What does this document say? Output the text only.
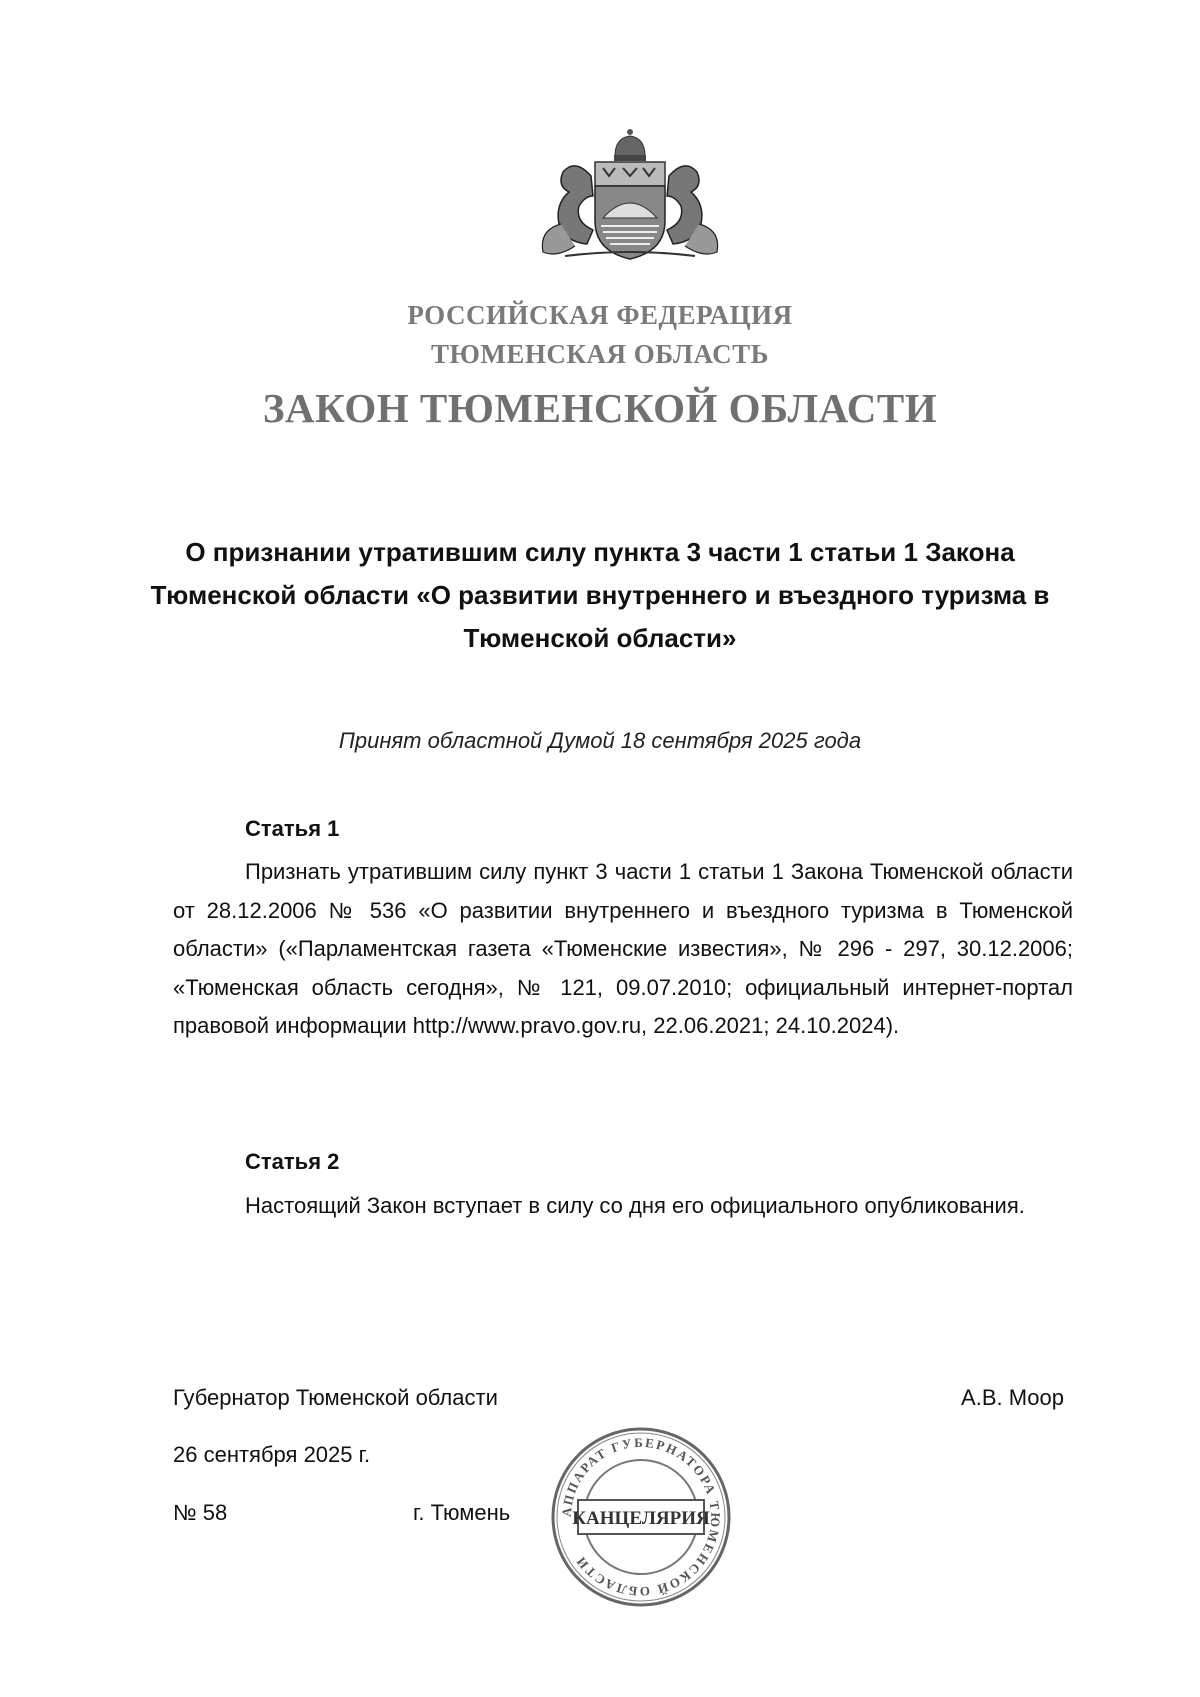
РОССИЙСКАЯ ФЕДЕРАЦИЯ
ТЮМЕНСКАЯ ОБЛАСТЬ
ЗАКОН ТЮМЕНСКОЙ ОБЛАСТИ
О признании утратившим силу пункта 3 части 1 статьи 1 Закона Тюменской области «О развитии внутреннего и въездного туризма в Тюменской области»
Принят областной Думой 18 сентября 2025 года
Статья 1
Признать утратившим силу пункт 3 части 1 статьи 1 Закона Тюменской области от 28.12.2006 № 536 «О развитии внутреннего и въездного туризма в Тюменской области» («Парламентская газета «Тюменские известия», № 296 - 297, 30.12.2006; «Тюменская область сегодня», № 121, 09.07.2010; официальный интернет-портал правовой информации http://www.pravo.gov.ru, 22.06.2021; 24.10.2024).
Статья 2
Настоящий Закон вступает в силу со дня его официального опубликования.
Губернатор Тюменской области	А.В. Моор
26 сентября 2025 г.
№ 58	г. Тюмень	АППАРАТ ГУБЕРНАТОРА ТЮМЕНСКОЙ ОБЛАСТИ
КАНЦЕЛЯРИЯ
